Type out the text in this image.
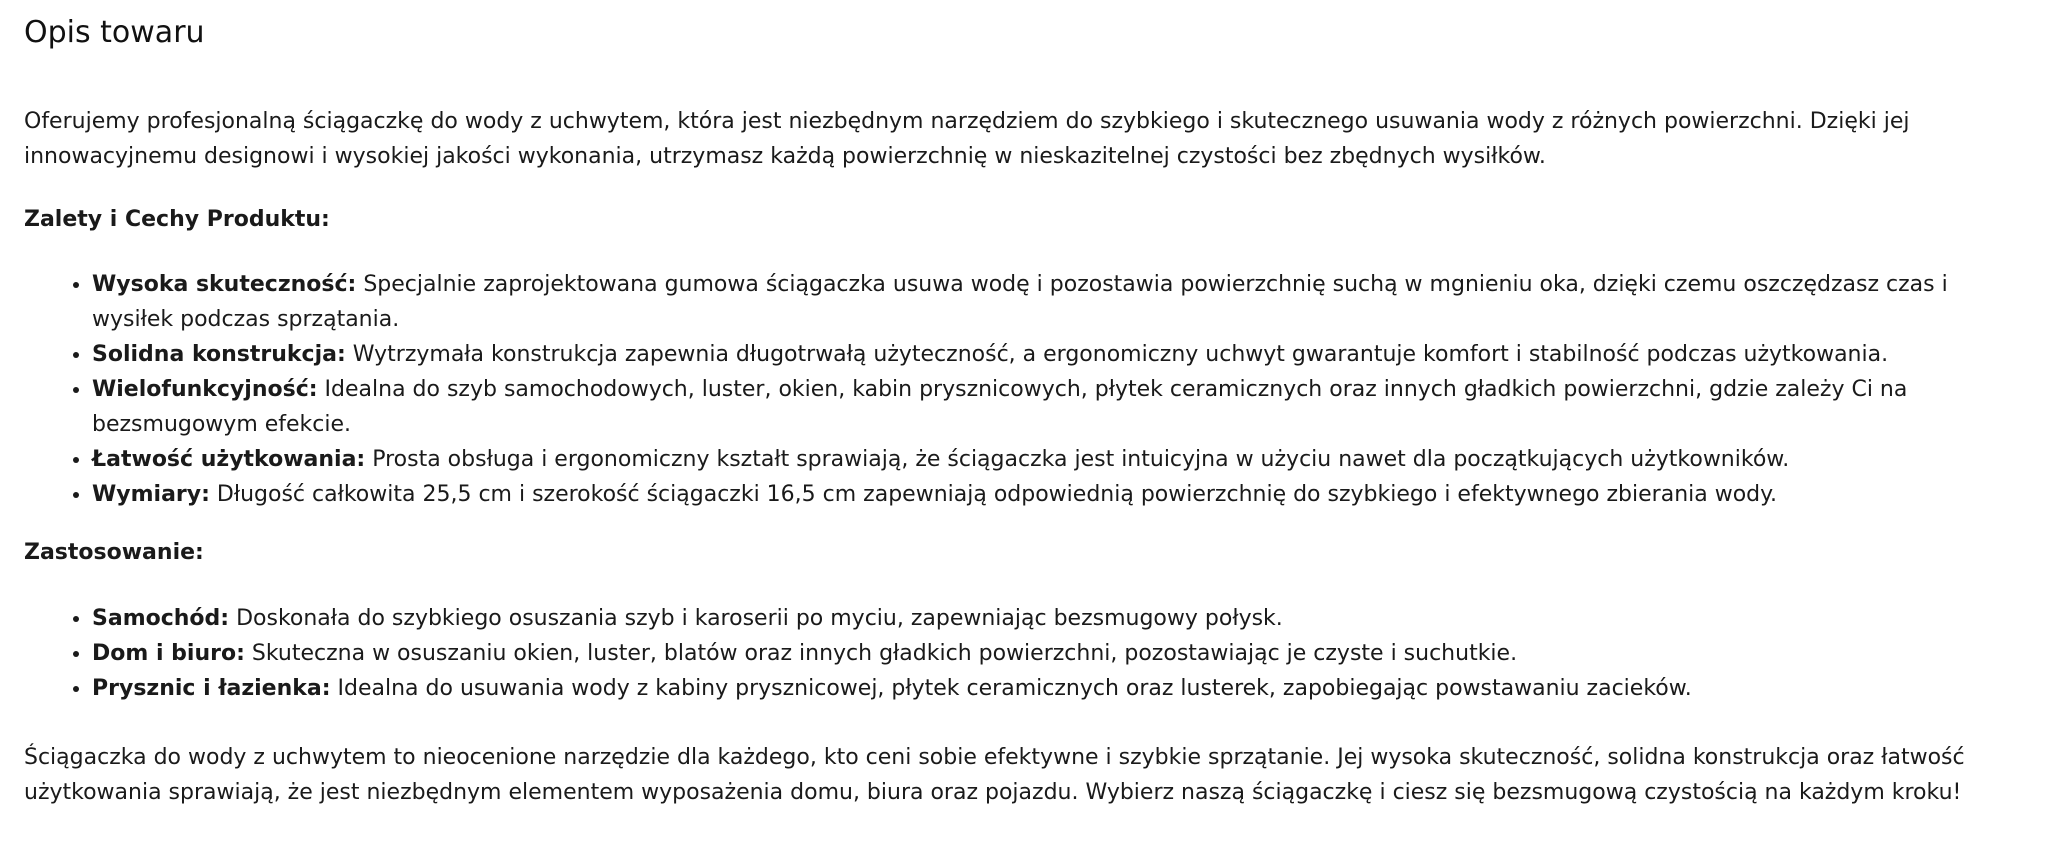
Opis towaru

Oferujemy profesjonalną ściągaczkę do wody z uchwytem, która jest niezbędnym narzędziem do szybkiego i skutecznego usuwania wody z różnych powierzchni. Dzięki jej innowacyjnemu designowi i wysokiej jakości wykonania, utrzymasz każdą powierzchnię w nieskazitelnej czystości bez zbędnych wysiłków.

Zalety i Cechy Produktu:

• Wysoka skuteczność: Specjalnie zaprojektowana gumowa ściągaczka usuwa wodę i pozostawia powierzchnię suchą w mgnieniu oka, dzięki czemu oszczędzasz czas i wysiłek podczas sprzątania.
• Solidna konstrukcja: Wytrzymała konstrukcja zapewnia długotrwałą użyteczność, a ergonomiczny uchwyt gwarantuje komfort i stabilność podczas użytkowania.
• Wielofunkcyjność: Idealna do szyb samochodowych, luster, okien, kabin prysznicowych, płytek ceramicznych oraz innych gładkich powierzchni, gdzie zależy Ci na bezsmugowym efekcie.
• Łatwość użytkowania: Prosta obsługa i ergonomiczny kształt sprawiają, że ściągaczka jest intuicyjna w użyciu nawet dla początkujących użytkowników.
• Wymiary: Długość całkowita 25,5 cm i szerokość ściągaczki 16,5 cm zapewniają odpowiednią powierzchnię do szybkiego i efektywnego zbierania wody.

Zastosowanie:

• Samochód: Doskonała do szybkiego osuszania szyb i karoserii po myciu, zapewniając bezsmugowy połysk.
• Dom i biuro: Skuteczna w osuszaniu okien, luster, blatów oraz innych gładkich powierzchni, pozostawiając je czyste i suchutkie.
• Prysznic i łazienka: Idealna do usuwania wody z kabiny prysznicowej, płytek ceramicznych oraz lusterek, zapobiegając powstawaniu zacieków.

Ściągaczka do wody z uchwytem to nieocenione narzędzie dla każdego, kto ceni sobie efektywne i szybkie sprzątanie. Jej wysoka skuteczność, solidna konstrukcja oraz łatwość użytkowania sprawiają, że jest niezbędnym elementem wyposażenia domu, biura oraz pojazdu. Wybierz naszą ściągaczkę i ciesz się bezsmugową czystością na każdym kroku!
